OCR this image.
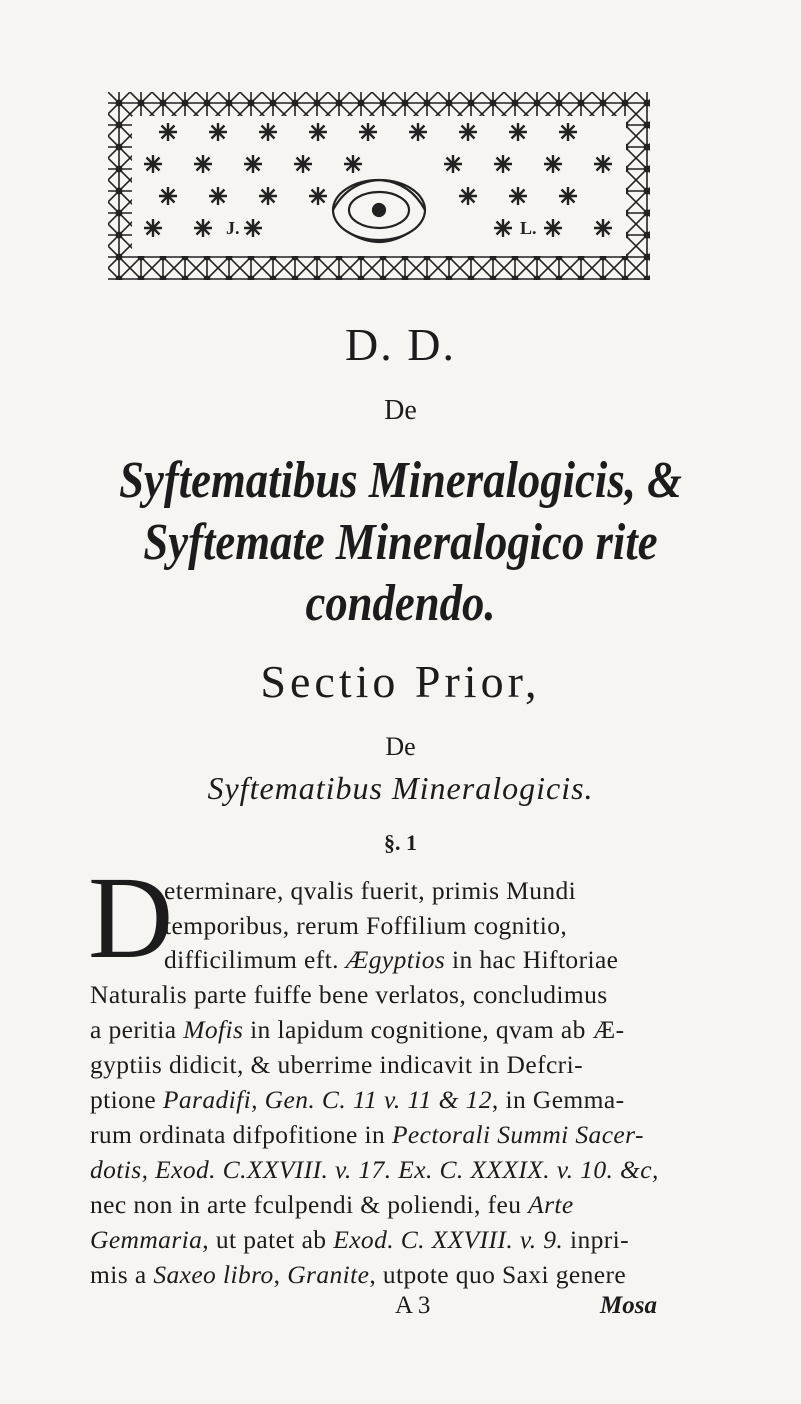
J.	L.
D. D.
De
Syftematibus Mineralogicis, &
Syftemate Mineralogico rite
condendo.
Sectio Prior,
De
Syftematibus Mineralogicis.
§. 1
D
eterminare, qvalis fuerit, primis Mundi
temporibus, rerum Foffilium cognitio,
difficilimum eft. Ægyptios in hac Hiftoriae
Naturalis parte fuiffe bene verlatos, concludimus
a peritia Mofis in lapidum cognitione, qvam ab Æ-
gyptiis didicit, & uberrime indicavit in Defcri-
ptione Paradifi, Gen. C. 11 v. 11 & 12, in Gemma-
rum ordinata difpofitione in Pectorali Summi Sacer-
dotis, Exod. C.XXVIII. v. 17. Ex. C. XXXIX. v. 10. &c,
nec non in arte fculpendi & poliendi, feu Arte
Gemmaria, ut patet ab Exod. C. XXVIII. v. 9. inpri-
mis a Saxeo libro, Granite, utpote quo Saxi genere
A 3	Mosa
